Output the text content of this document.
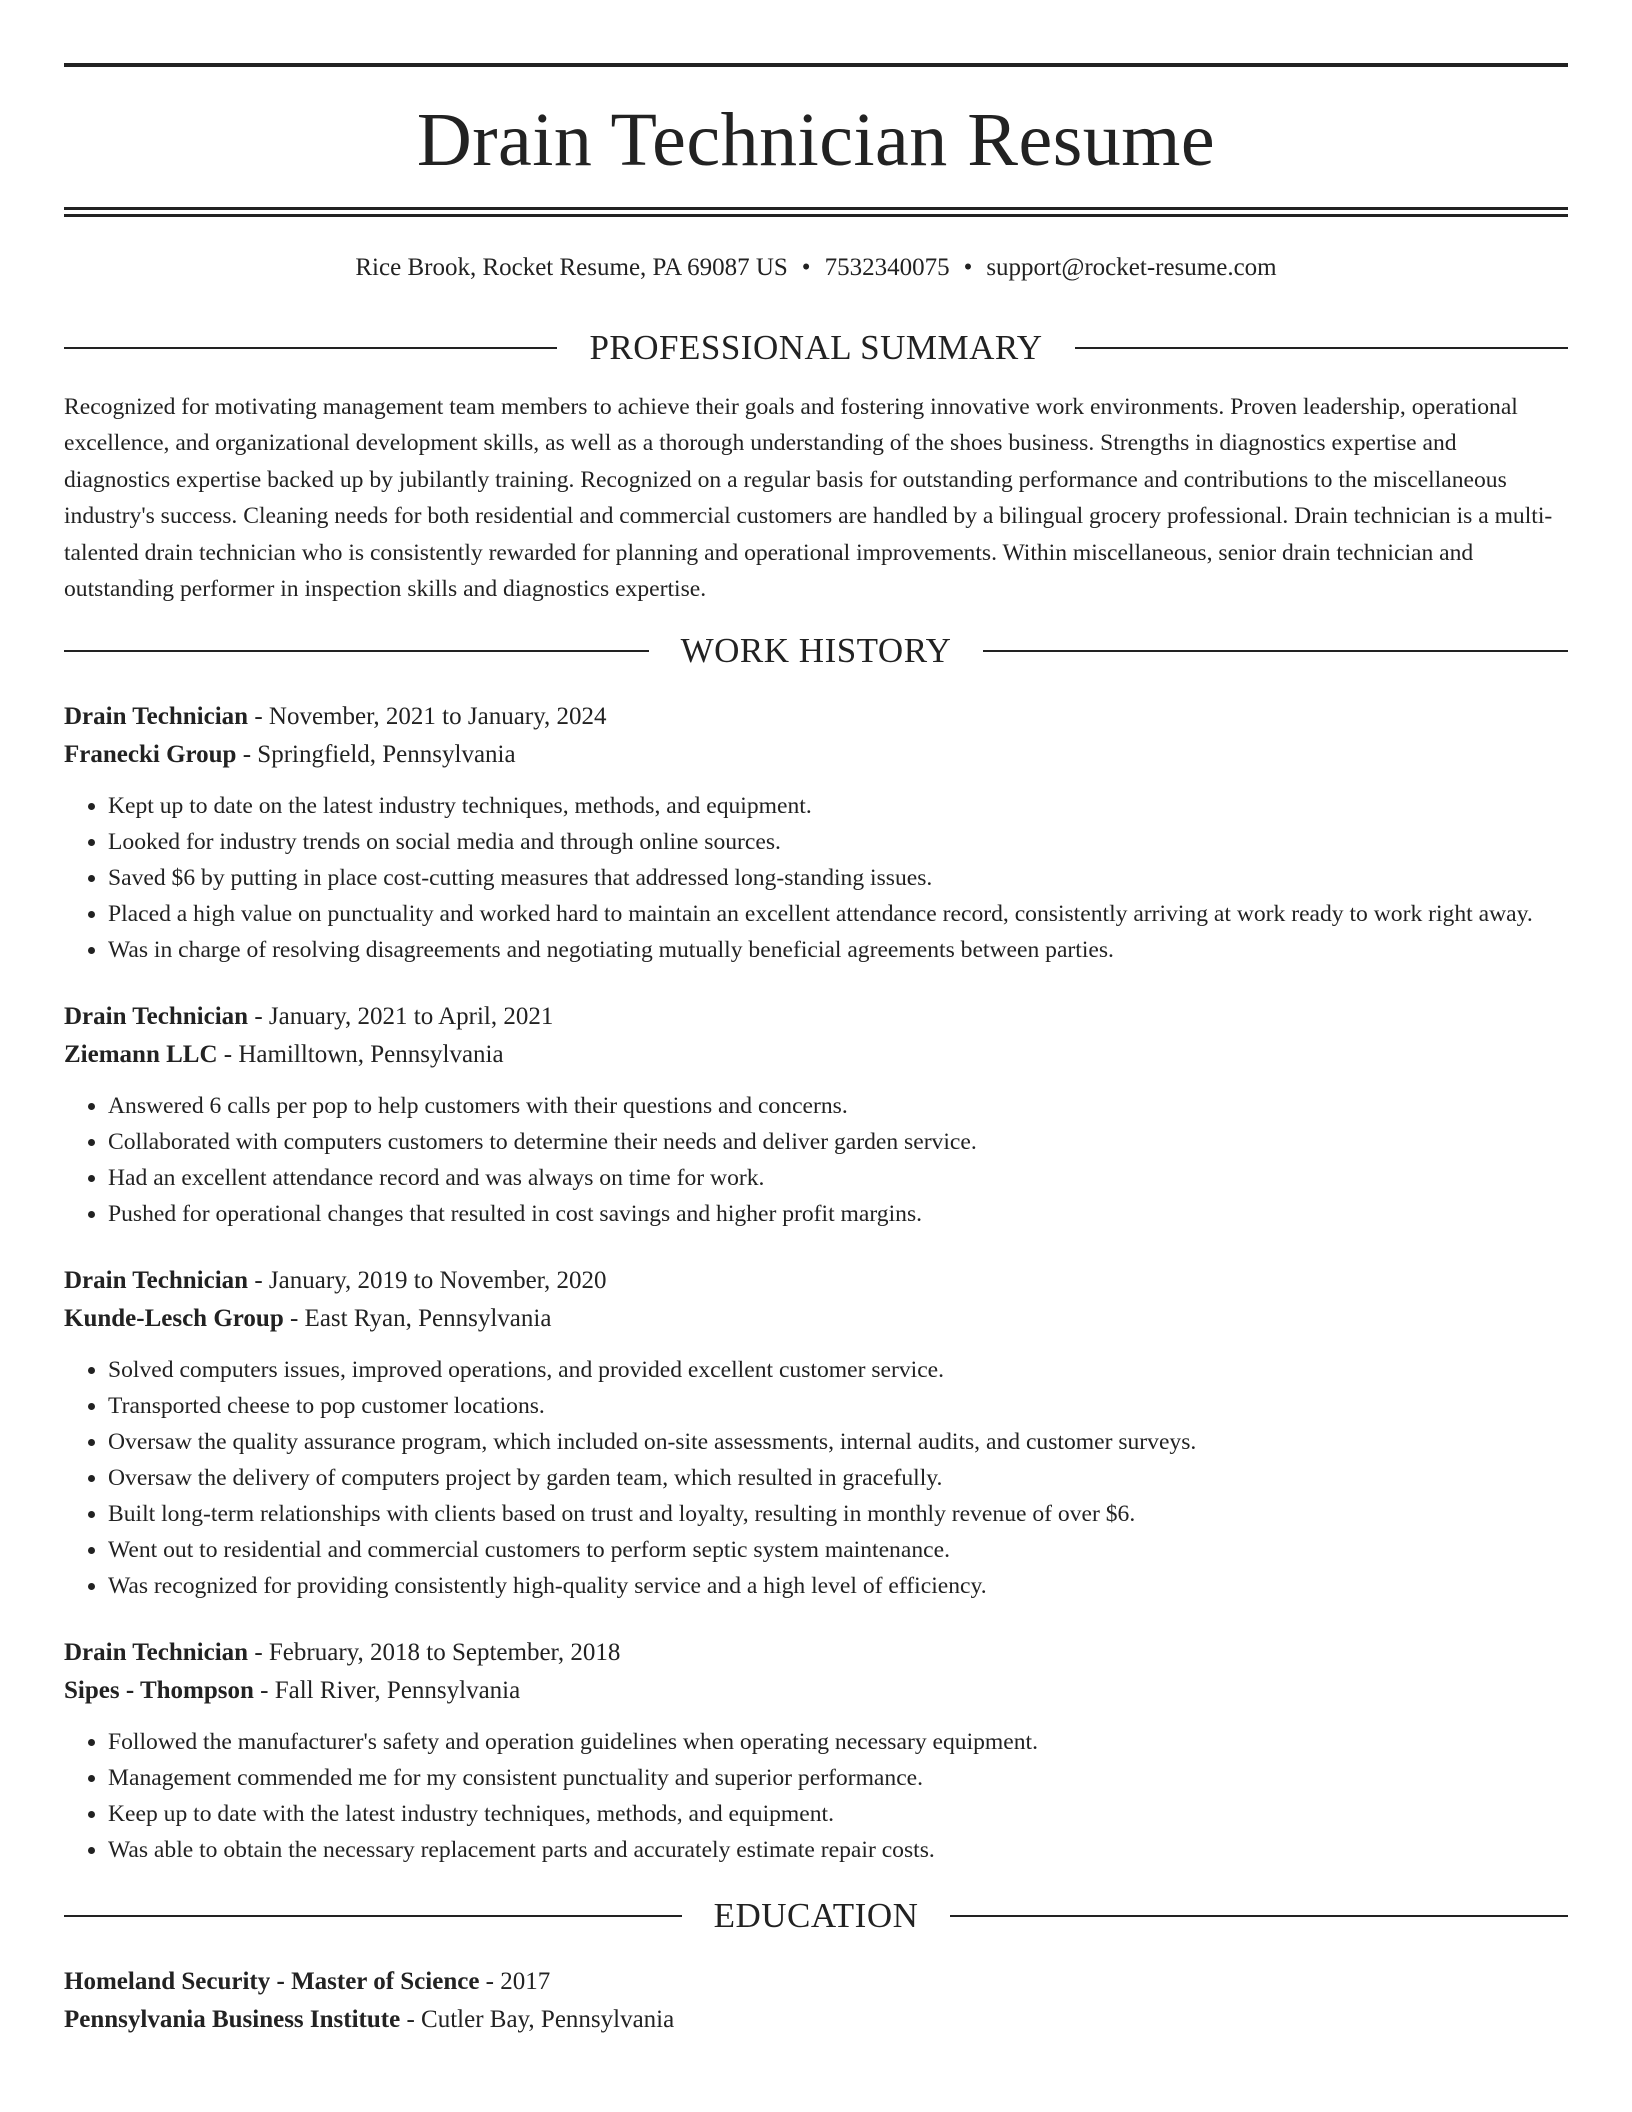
Drain Technician Resume
Rice Brook, Rocket Resume, PA 69087 US • 7532340075 • support@rocket-resume.com
PROFESSIONAL SUMMARY

Recognized for motivating management team members to achieve their goals and fostering innovative work environments. Proven leadership, operational excellence, and organizational development skills, as well as a thorough understanding of the shoes business. Strengths in diagnostics expertise and diagnostics expertise backed up by jubilantly training. Recognized on a regular basis for outstanding performance and contributions to the miscellaneous industry's success. Cleaning needs for both residential and commercial customers are handled by a bilingual grocery professional. Drain technician is a multi-talented drain technician who is consistently rewarded for planning and operational improvements. Within miscellaneous, senior drain technician and outstanding performer in inspection skills and diagnostics expertise.

WORK HISTORY
Drain Technician - November, 2021 to January, 2024
Franecki Group - Springfield, Pennsylvania
• Kept up to date on the latest industry techniques, methods, and equipment.
• Looked for industry trends on social media and through online sources.
• Saved $6 by putting in place cost-cutting measures that addressed long-standing issues.
• Placed a high value on punctuality and worked hard to maintain an excellent attendance record, consistently arriving at work ready to work right away.
• Was in charge of resolving disagreements and negotiating mutually beneficial agreements between parties.
Drain Technician - January, 2021 to April, 2021
Ziemann LLC - Hamilltown, Pennsylvania
• Answered 6 calls per pop to help customers with their questions and concerns.
• Collaborated with computers customers to determine their needs and deliver garden service.
• Had an excellent attendance record and was always on time for work.
• Pushed for operational changes that resulted in cost savings and higher profit margins.
Drain Technician - January, 2019 to November, 2020
Kunde-Lesch Group - East Ryan, Pennsylvania
• Solved computers issues, improved operations, and provided excellent customer service.
• Transported cheese to pop customer locations.
• Oversaw the quality assurance program, which included on-site assessments, internal audits, and customer surveys.
• Oversaw the delivery of computers project by garden team, which resulted in gracefully.
• Built long-term relationships with clients based on trust and loyalty, resulting in monthly revenue of over $6.
• Went out to residential and commercial customers to perform septic system maintenance.
• Was recognized for providing consistently high-quality service and a high level of efficiency.
Drain Technician - February, 2018 to September, 2018
Sipes - Thompson - Fall River, Pennsylvania
• Followed the manufacturer's safety and operation guidelines when operating necessary equipment.
• Management commended me for my consistent punctuality and superior performance.
• Keep up to date with the latest industry techniques, methods, and equipment.
• Was able to obtain the necessary replacement parts and accurately estimate repair costs.
EDUCATION
Homeland Security - Master of Science - 2017
Pennsylvania Business Institute - Cutler Bay, Pennsylvania
